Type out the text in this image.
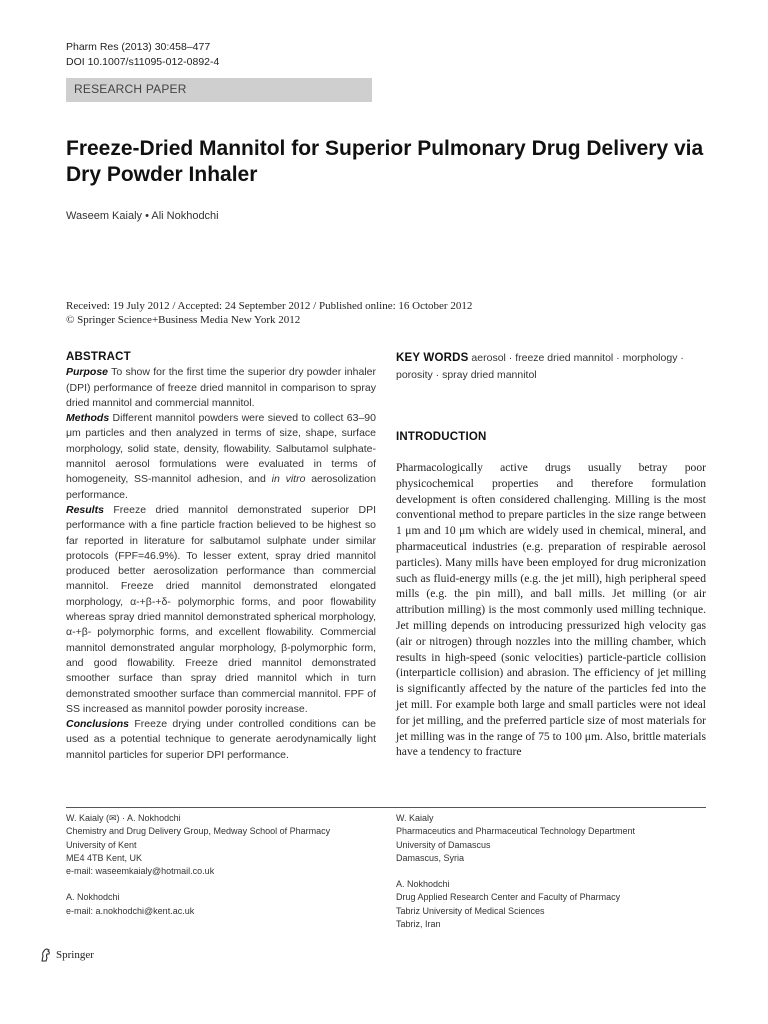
Pharm Res (2013) 30:458–477
DOI 10.1007/s11095-012-0892-4
RESEARCH PAPER
Freeze-Dried Mannitol for Superior Pulmonary Drug Delivery via Dry Powder Inhaler
Waseem Kaialy • Ali Nokhodchi
Received: 19 July 2012 / Accepted: 24 September 2012 / Published online: 16 October 2012
© Springer Science+Business Media New York 2012
ABSTRACT

Purpose To show for the first time the superior dry powder inhaler (DPI) performance of freeze dried mannitol in comparison to spray dried mannitol and commercial mannitol.

Methods Different mannitol powders were sieved to collect 63–90 μm particles and then analyzed in terms of size, shape, surface morphology, solid state, density, flowability. Salbutamol sulphate-mannitol aerosol formulations were evaluated in terms of homogeneity, SS-mannitol adhesion, and in vitro aerosolization performance.

Results Freeze dried mannitol demonstrated superior DPI performance with a fine particle fraction believed to be highest so far reported in literature for salbutamol sulphate under similar protocols (FPF=46.9%). To lesser extent, spray dried mannitol produced better aerosolization performance than commercial mannitol. Freeze dried mannitol demonstrated elongated morphology, α-+β-+δ- polymorphic forms, and poor flowability whereas spray dried mannitol demonstrated spherical morphology, α-+β- polymorphic forms, and excellent flowability. Commercial mannitol demonstrated angular morphology, β-polymorphic form, and good flowability. Freeze dried mannitol demonstrated smoother surface than spray dried mannitol which in turn demonstrated smoother surface than commercial mannitol. FPF of SS increased as mannitol powder porosity increase.

Conclusions Freeze drying under controlled conditions can be used as a potential technique to generate aerodynamically light mannitol particles for superior DPI performance.

KEY WORDS aerosol · freeze dried mannitol · morphology · porosity · spray dried mannitol
INTRODUCTION

Pharmacologically active drugs usually betray poor physicochemical properties and therefore formulation development is often considered challenging. Milling is the most conventional method to prepare particles in the size range between 1 μm and 10 μm which are widely used in chemical, mineral, and pharmaceutical industries (e.g. preparation of respirable aerosol particles). Many mills have been employed for drug micronization such as fluid-energy mills (e.g. the jet mill), high peripheral speed mills (e.g. the pin mill), and ball mills. Jet milling (or air attribution milling) is the most commonly used milling technique. Jet milling depends on introducing pressurized high velocity gas (air or nitrogen) through nozzles into the milling chamber, which results in high-speed (sonic velocities) particle-particle collision (interparticle collision) and abrasion. The efficiency of jet milling is significantly affected by the nature of the particles fed into the jet mill. For example both large and small particles were not ideal for jet milling, and the preferred particle size of most materials for jet milling was in the range of 75 to 100 μm. Also, brittle materials have a tendency to fracture

W. Kaialy (✉) · A. Nokhodchi
Chemistry and Drug Delivery Group, Medway School of Pharmacy
University of Kent
ME4 4TB Kent, UK
e-mail: waseemkaialy@hotmail.co.uk
A. Nokhodchi
e-mail: a.nokhodchi@kent.ac.uk
W. Kaialy
Pharmaceutics and Pharmaceutical Technology Department
University of Damascus
Damascus, Syria
A. Nokhodchi
Drug Applied Research Center and Faculty of Pharmacy
Tabriz University of Medical Sciences
Tabriz, Iran
Springer
